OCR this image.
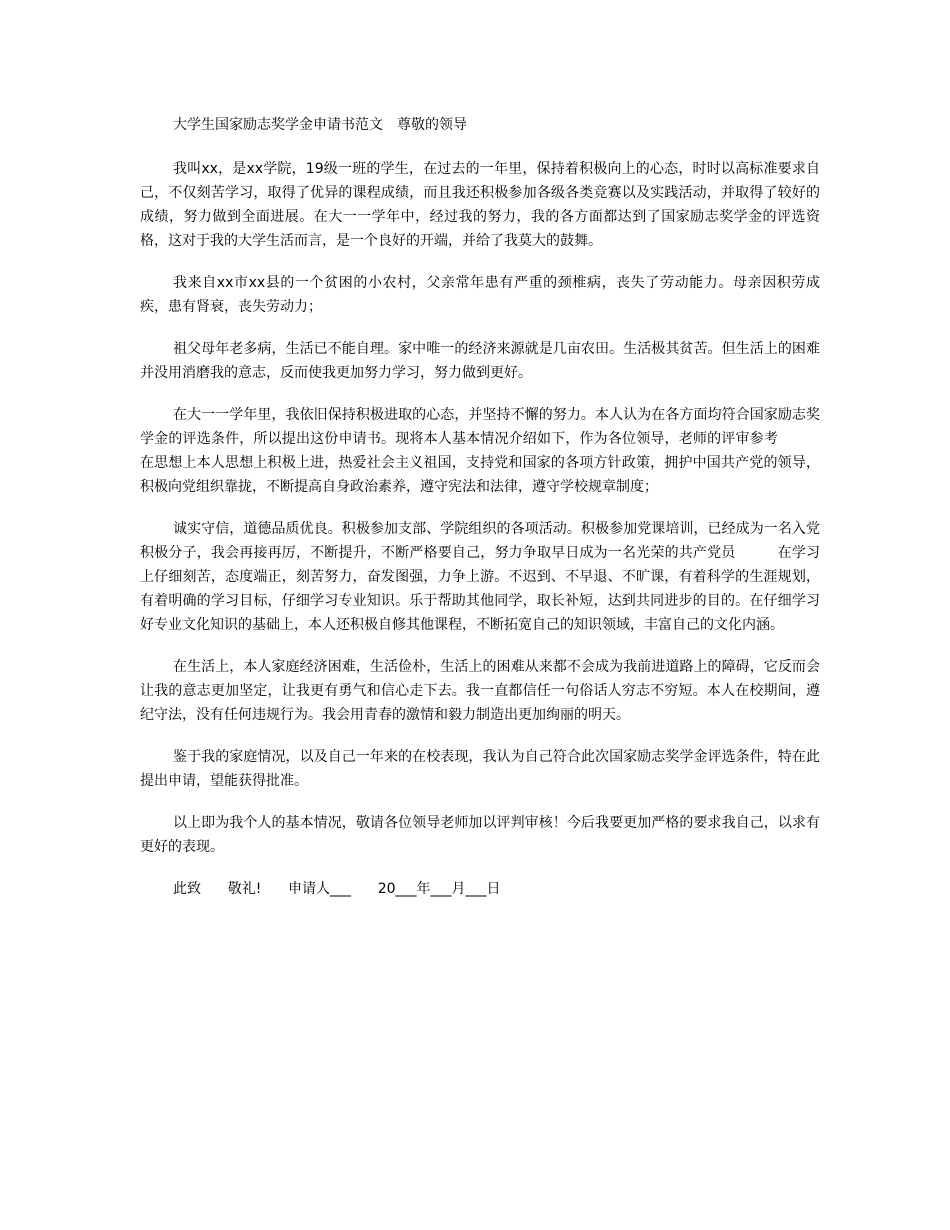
大学生国家励志奖学金申请书范文 尊敬的领导

我叫xx，是xx学院，19级一班的学生，在过去的一年里，保持着积极向上的心态，时时以高标准要求自己，不仅刻苦学习，取得了优异的课程成绩，而且我还积极参加各级各类竞赛以及实践活动，并取得了较好的成绩，努力做到全面进展。在大一一学年中，经过我的努力，我的各方面都达到了国家励志奖学金的评选资格，这对于我的大学生活而言，是一个良好的开端，并给了我莫大的鼓舞。

我来自xx市xx县的一个贫困的小农村，父亲常年患有严重的颈椎病，丧失了劳动能力。母亲因积劳成疾，患有肾衰，丧失劳动力；

祖父母年老多病，生活已不能自理。家中唯一的经济来源就是几亩农田。生活极其贫苦。但生活上的困难并没用消磨我的意志，反而使我更加努力学习，努力做到更好。

在大一一学年里，我依旧保持积极进取的心态，并坚持不懈的努力。本人认为在各方面均符合国家励志奖学金的评选条件，所以提出这份申请书。现将本人基本情况介绍如下，作为各位领导，老师的评审参考在思想上本人思想上积极上进，热爱社会主义祖国，支持党和国家的各项方针政策，拥护中国共产党的领导，积极向党组织靠拢，不断提高自身政治素养，遵守宪法和法律，遵守学校规章制度；

诚实守信，道德品质优良。积极参加支部、学院组织的各项活动。积极参加党课培训，已经成为一名入党积极分子，我会再接再厉，不断提升，不断严格要自己，努力争取早日成为一名光荣的共产党员	在学习上仔细刻苦，态度端正，刻苦努力，奋发图强，力争上游。不迟到、不早退、不旷课，有着科学的生涯规划，有着明确的学习目标，仔细学习专业知识。乐于帮助其他同学，取长补短，达到共同进步的目的。在仔细学习好专业文化知识的基础上，本人还积极自修其他课程，不断拓宽自己的知识领域，丰富自己的文化内涵。

在生活上，本人家庭经济困难，生活俭朴，生活上的困难从来都不会成为我前进道路上的障碍，它反而会让我的意志更加坚定，让我更有勇气和信心走下去。我一直都信任一句俗话人穷志不穷短。本人在校期间，遵纪守法，没有任何违规行为。我会用青春的激情和毅力制造出更加绚丽的明天。

鉴于我的家庭情况，以及自己一年来的在校表现，我认为自己符合此次国家励志奖学金评选条件，特在此提出申请，望能获得批准。

以上即为我个人的基本情况，敬请各位领导老师加以评判审核！今后我要更加严格的要求我自己，以求有更好的表现。

此致      敬礼!      申请人___      20___年___月___日
